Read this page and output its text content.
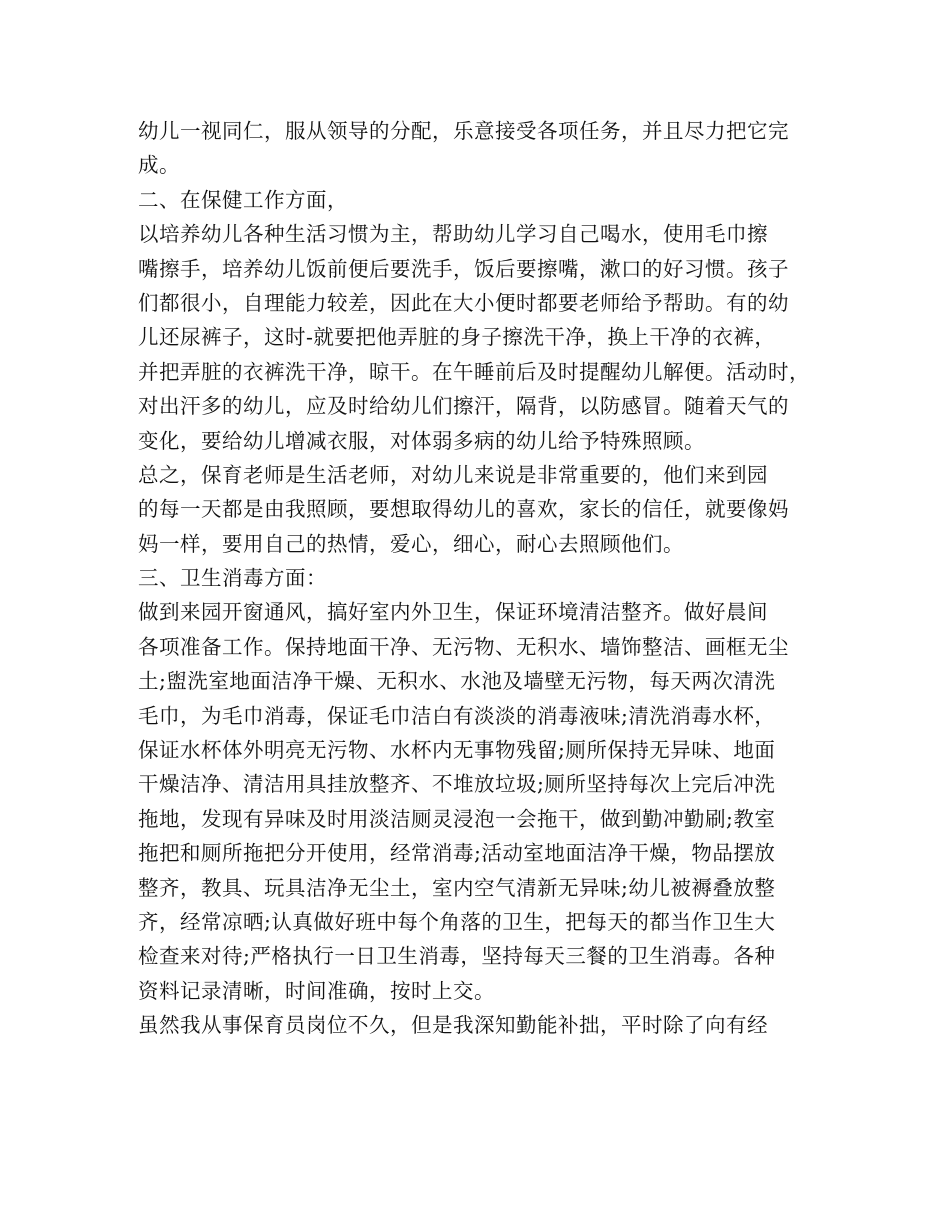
幼儿一视同仁，服从领导的分配，乐意接受各项任务，并且尽力把它完
成。
二、在保健工作方面，
以培养幼儿各种生活习惯为主，帮助幼儿学习自己喝水，使用毛巾擦
嘴擦手，培养幼儿饭前便后要洗手，饭后要擦嘴，漱口的好习惯。孩子
们都很小，自理能力较差，因此在大小便时都要老师给予帮助。有的幼
儿还尿裤子，这时-就要把他弄脏的身子擦洗干净，换上干净的衣裤，
并把弄脏的衣裤洗干净，晾干。在午睡前后及时提醒幼儿解便。活动时，
对出汗多的幼儿，应及时给幼儿们擦汗，隔背，以防感冒。随着天气的
变化，要给幼儿增减衣服，对体弱多病的幼儿给予特殊照顾。
总之，保育老师是生活老师，对幼儿来说是非常重要的，他们来到园
的每一天都是由我照顾，要想取得幼儿的喜欢，家长的信任，就要像妈
妈一样，要用自己的热情，爱心，细心，耐心去照顾他们。
三、卫生消毒方面：
做到来园开窗通风，搞好室内外卫生，保证环境清洁整齐。做好晨间
各项准备工作。保持地面干净、无污物、无积水、墙饰整洁、画框无尘
土;盥洗室地面洁净干燥、无积水、水池及墙壁无污物，每天两次清洗
毛巾，为毛巾消毒，保证毛巾洁白有淡淡的消毒液味;清洗消毒水杯，
保证水杯体外明亮无污物、水杯内无事物残留;厕所保持无异味、地面
干燥洁净、清洁用具挂放整齐、不堆放垃圾;厕所坚持每次上完后冲洗
拖地，发现有异味及时用淡洁厕灵浸泡一会拖干，做到勤冲勤刷;教室
拖把和厕所拖把分开使用，经常消毒;活动室地面洁净干燥，物品摆放
整齐，教具、玩具洁净无尘土，室内空气清新无异味;幼儿被褥叠放整
齐，经常凉晒;认真做好班中每个角落的卫生，把每天的都当作卫生大
检查来对待;严格执行一日卫生消毒，坚持每天三餐的卫生消毒。各种
资料记录清晰，时间准确，按时上交。
虽然我从事保育员岗位不久，但是我深知勤能补拙，平时除了向有经
